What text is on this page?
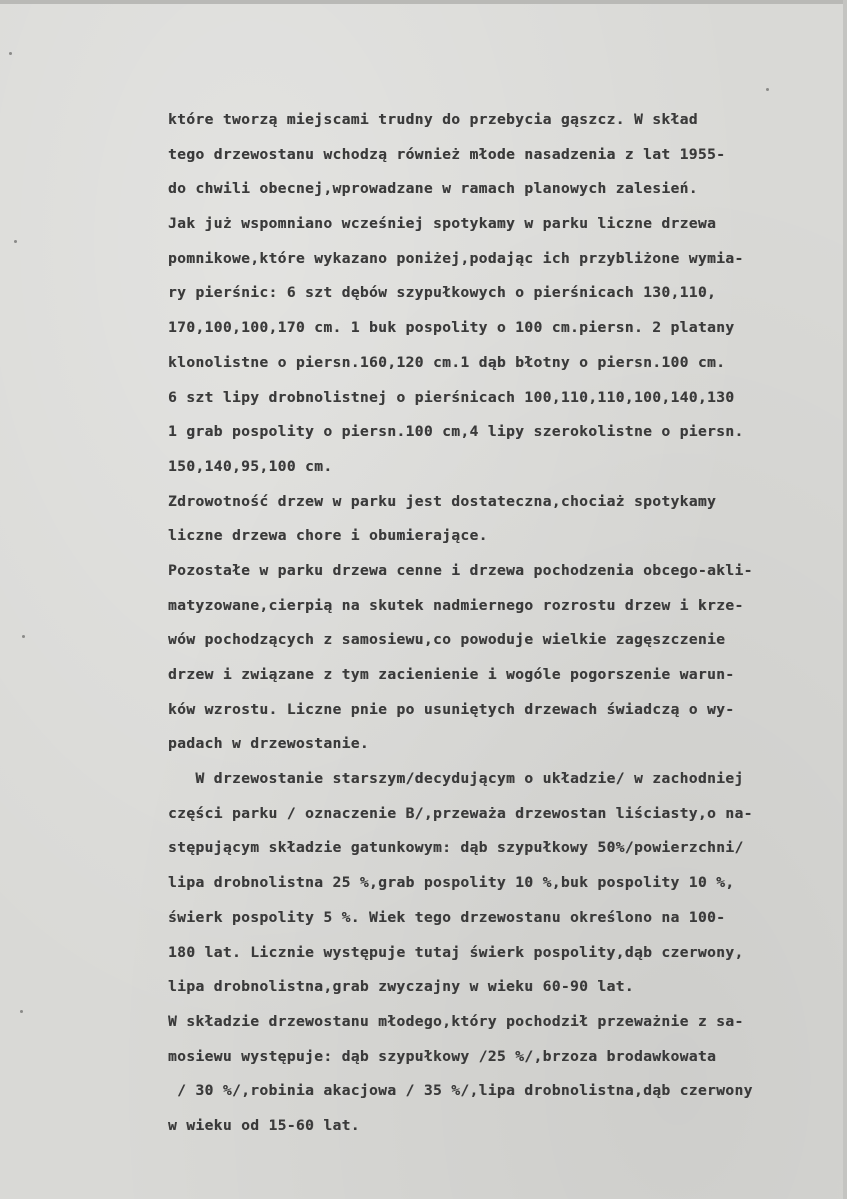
które tworzą miejscami trudny do przebycia gąszcz. W skład
tego drzewostanu wchodzą również młode nasadzenia z lat 1955-
do chwili obecnej,wprowadzane w ramach planowych zalesień.
Jak już wspomniano wcześniej spotykamy w parku liczne drzewa
pomnikowe,które wykazano poniżej,podając ich przybliżone wymia-
ry pierśnic: 6 szt dębów szypułkowych o pierśnicach 130,110,
170,100,100,170 cm. 1 buk pospolity o 100 cm.piersn. 2 platany
klonolistne o piersn.160,120 cm.1 dąb błotny o piersn.100 cm.
6 szt lipy drobnolistnej o pierśnicach 100,110,110,100,140,130
1 grab pospolity o piersn.100 cm,4 lipy szerokolistne o piersn.
150,140,95,100 cm.
Zdrowotność drzew w parku jest dostateczna,chociaż spotykamy
liczne drzewa chore i obumierające.
Pozostałe w parku drzewa cenne i drzewa pochodzenia obcego-akli-
matyzowane,cierpią na skutek nadmiernego rozrostu drzew i krze-
wów pochodzących z samosiewu,co powoduje wielkie zagęszczenie
drzew i związane z tym zacienienie i wogóle pogorszenie warun-
ków wzrostu. Liczne pnie po usuniętych drzewach świadczą o wy-
padach w drzewostanie.
W drzewostanie starszym/decydującym o układzie/ w zachodniej
części parku / oznaczenie B/,przeważa drzewostan liściasty,o na-
stępującym składzie gatunkowym: dąb szypułkowy 50%/powierzchni/
lipa drobnolistna 25 %,grab pospolity 10 %,buk pospolity 10 %,
świerk pospolity 5 %. Wiek tego drzewostanu określono na 100-
180 lat. Licznie występuje tutaj świerk pospolity,dąb czerwony,
lipa drobnolistna,grab zwyczajny w wieku 60-90 lat.
W składzie drzewostanu młodego,który pochodził przeważnie z sa-
mosiewu występuje: dąb szypułkowy /25 %/,brzoza brodawkowata
/ 30 %/,robinia akacjowa / 35 %/,lipa drobnolistna,dąb czerwony
w wieku od 15-60 lat.
